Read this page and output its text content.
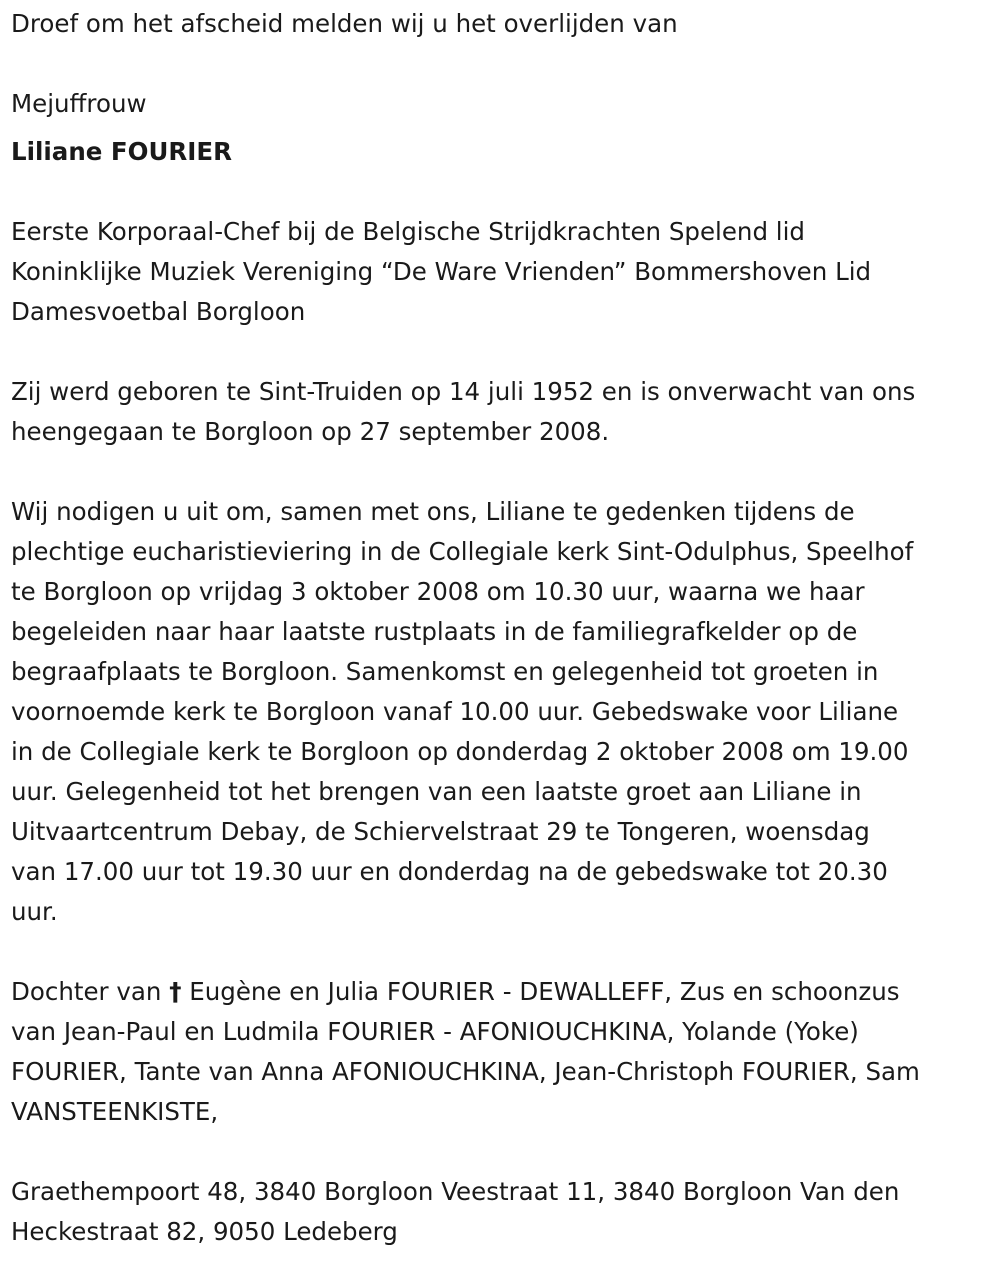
Droef om het afscheid melden wij u het overlijden van

Mejuffrouw

Liliane FOURIER

Eerste Korporaal-Chef bij de Belgische Strijdkrachten Spelend lid

Koninklijke Muziek Vereniging “De Ware Vrienden” Bommershoven Lid

Damesvoetbal Borgloon

Zij werd geboren te Sint-Truiden op 14 juli 1952 en is onverwacht van ons

heengegaan te Borgloon op 27 september 2008.

Wij nodigen u uit om, samen met ons, Liliane te gedenken tijdens de

plechtige eucharistieviering in de Collegiale kerk Sint-Odulphus, Speelhof

te Borgloon op vrijdag 3 oktober 2008 om 10.30 uur, waarna we haar

begeleiden naar haar laatste rustplaats in de familiegrafkelder op de

begraafplaats te Borgloon. Samenkomst en gelegenheid tot groeten in

voornoemde kerk te Borgloon vanaf 10.00 uur. Gebedswake voor Liliane

in de Collegiale kerk te Borgloon op donderdag 2 oktober 2008 om 19.00

uur. Gelegenheid tot het brengen van een laatste groet aan Liliane in

Uitvaartcentrum Debay, de Schiervelstraat 29 te Tongeren, woensdag

van 17.00 uur tot 19.30 uur en donderdag na de gebedswake tot 20.30

uur.

Dochter van † Eugène en Julia FOURIER - DEWALLEFF, Zus en schoonzus

van Jean-Paul en Ludmila FOURIER - AFONIOUCHKINA, Yolande (Yoke)

FOURIER, Tante van Anna AFONIOUCHKINA, Jean-Christoph FOURIER, Sam

VANSTEENKISTE,

Graethempoort 48, 3840 Borgloon Veestraat 11, 3840 Borgloon Van den

Heckestraat 82, 9050 Ledeberg
